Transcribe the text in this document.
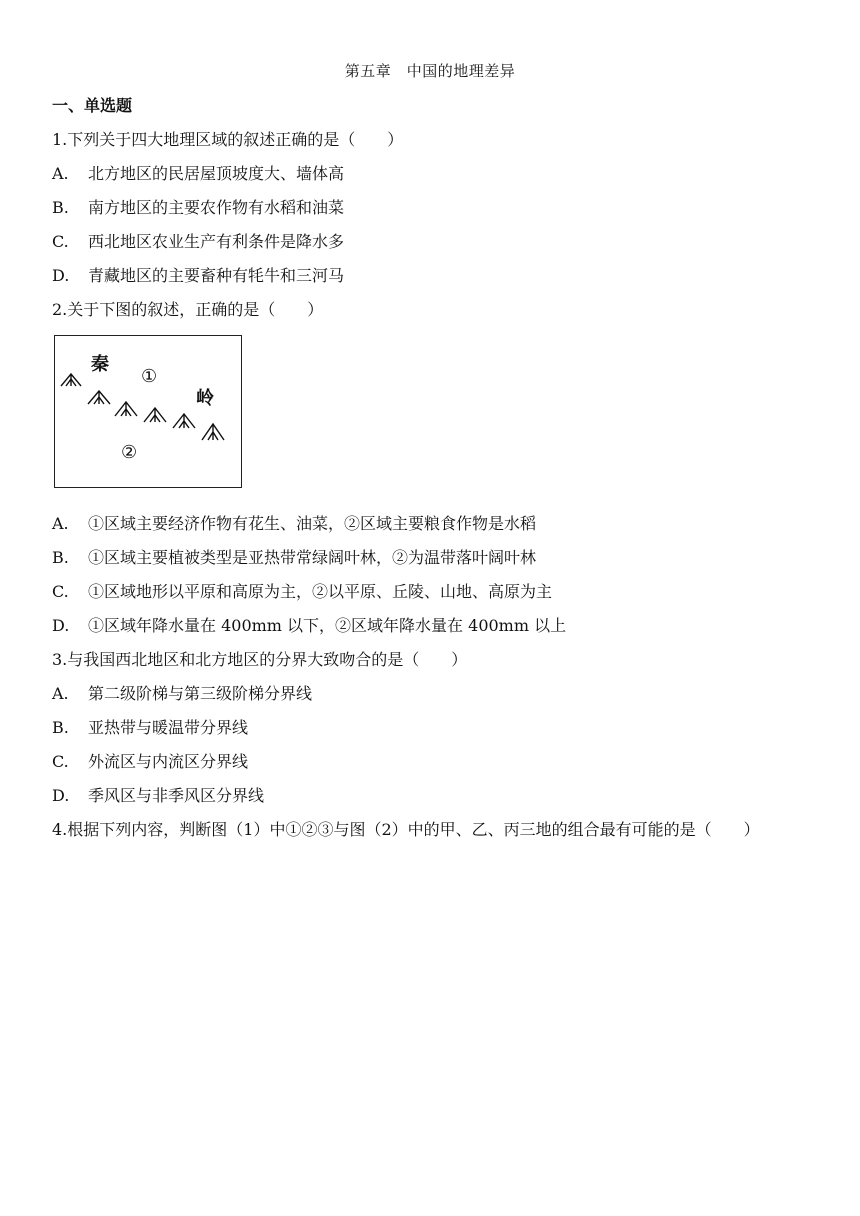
第五章　中国的地理差异
一、单选题
1.下列关于四大地理区域的叙述正确的是（　　）
A. 北方地区的民居屋顶坡度大、墙体高
B. 南方地区的主要农作物有水稻和油菜
C. 西北地区农业生产有利条件是降水多
D. 青藏地区的主要畜种有牦牛和三河马
2.关于下图的叙述，正确的是（　　）
秦
岭
①
②
A. ①区域主要经济作物有花生、油菜，②区域主要粮食作物是水稻
B. ①区域主要植被类型是亚热带常绿阔叶林，②为温带落叶阔叶林
C. ①区域地形以平原和高原为主，②以平原、丘陵、山地、高原为主
D. ①区域年降水量在 400mm 以下，②区域年降水量在 400mm 以上
3.与我国西北地区和北方地区的分界大致吻合的是（　　）
A. 第二级阶梯与第三级阶梯分界线
B. 亚热带与暖温带分界线
C. 外流区与内流区分界线
D. 季风区与非季风区分界线
4.根据下列内容，判断图（1）中①②③与图（2）中的甲、乙、丙三地的组合最有可能的是（　　）
